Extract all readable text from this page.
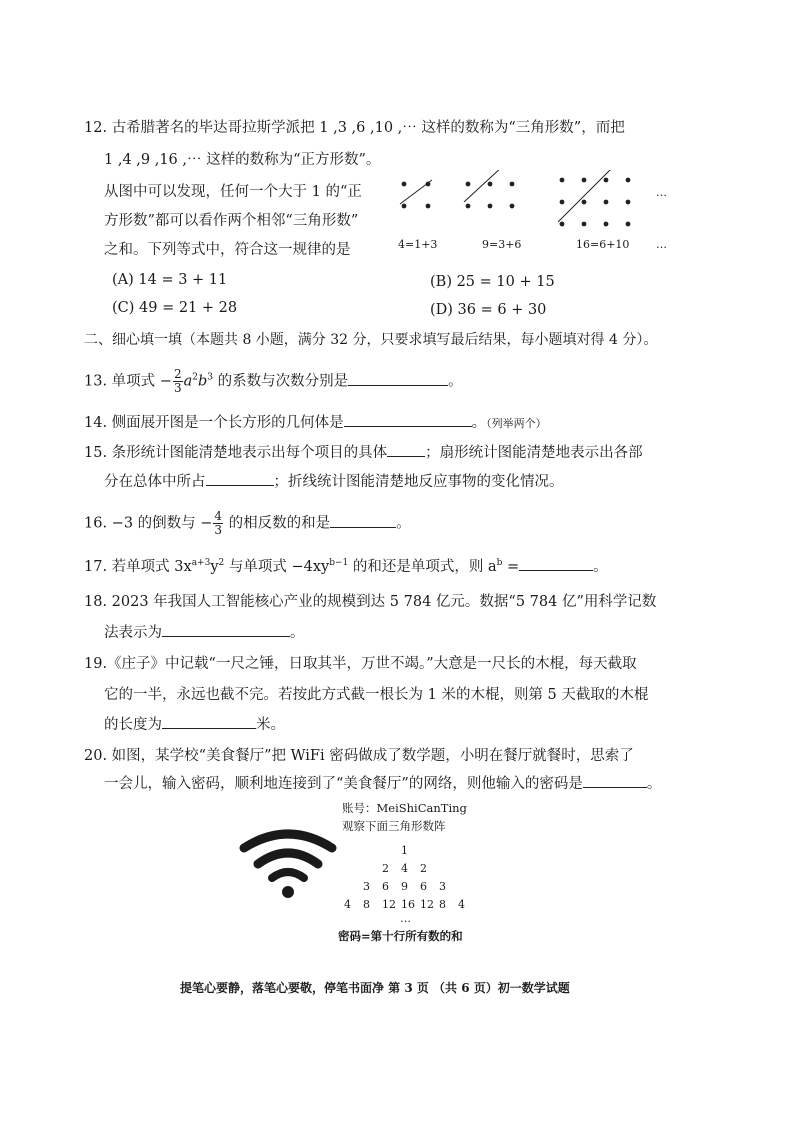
12. 古希腊著名的毕达哥拉斯学派把 1 ,3 ,6 ,10 ,⋯ 这样的数称为“三角形数”，而把
1 ,4 ,9 ,16 ,⋯ 这样的数称为“正方形数”。
从图中可以发现，任何一个大于 1 的“正
方形数”都可以看作两个相邻“三角形数”
之和。下列等式中，符合这一规律的是
…
4=1+3	9=3+6	16=6+10 …
(A) 14 = 3 + 11	(B) 25 = 10 + 15
(C) 49 = 21 + 28	(D) 36 = 6 + 30
二、细心填一填（本题共 8 小题，满分 32 分，只要求填写最后结果，每小题填对得 4 分）。
13. 单项式 − $\frac{2}{3} a^2b^3$ 的系数与次数分别是	。
14. 侧面展开图是一个长方形的几何体是	。（列举两个）
15. 条形统计图能清楚地表示出每个项目的具体	；扇形统计图能清楚地表示出各部
分在总体中所占	；折线统计图能清楚地反应事物的变化情况。
16. −3 的倒数与 − $\frac{4}{3}$ 的相反数的和是	。
17. 若单项式 $3x^{a+3}y^2$ 与单项式 $-4xy^{b-1}$ 的和还是单项式，则 $a^b$ =	。
18. 2023 年我国人工智能核心产业的规模到达 5 784 亿元。数据“5 784 亿”用科学记数
法表示为	。
19.《庄子》中记载“一尺之锤，日取其半，万世不竭。”大意是一尺长的木棍，每天截取
它的一半，永远也截不完。若按此方式截一根长为 1 米的木棍，则第 5 天截取的木棍
的长度为	米。
20. 如图，某学校“美食餐厅”把 WiFi 密码做成了数学题，小明在餐厅就餐时，思索了
一会儿，输入密码，顺利地连接到了“美食餐厅”的网络，则他输入的密码是	。
账号：MeiShiCanTing
观察下面三角形数阵
1
2 4 2
3 6 9 6 3
4 8 12 16 12 8 4
…
密码=第十行所有数的和
提笔心要静，落笔心要敬，停笔书面净 第 3 页 （共 6 页）初一数学试题
